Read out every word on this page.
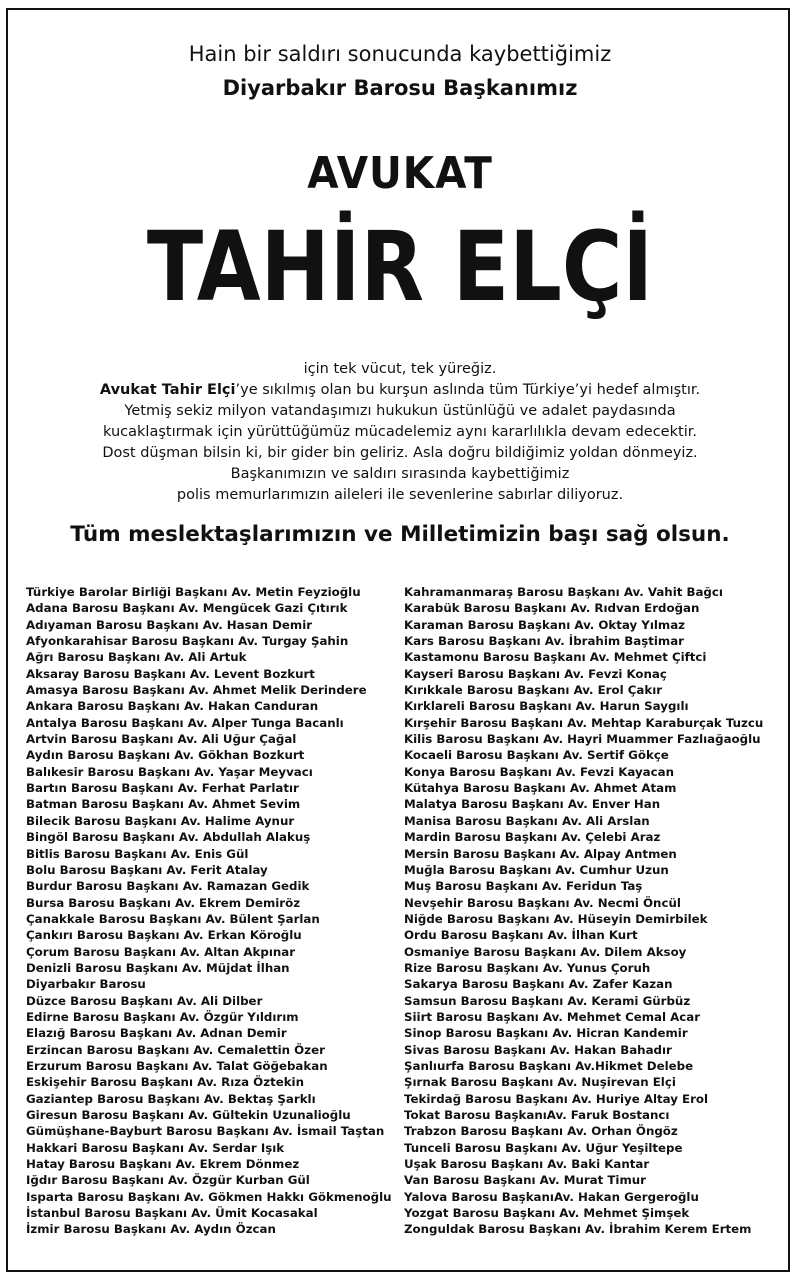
Hain bir saldırı sonucunda kaybettiğimiz
Diyarbakır Barosu Başkanımız
AVUKAT
TAHİR ELÇİ
için tek vücut, tek yüreğiz.
Avukat Tahir Elçi’ye sıkılmış olan bu kurşun aslında tüm Türkiye’yi hedef almıştır.
Yetmiş sekiz milyon vatandaşımızı hukukun üstünlüğü ve adalet paydasında
kucaklaştırmak için yürüttüğümüz mücadelemiz aynı kararlılıkla devam edecektir.
Dost düşman bilsin ki, bir gider bin geliriz. Asla doğru bildiğimiz yoldan dönmeyiz.
Başkanımızın ve saldırı sırasında kaybettiğimiz
polis memurlarımızın aileleri ile sevenlerine sabırlar diliyoruz.
Tüm meslektaşlarımızın ve Milletimizin başı sağ olsun.
Türkiye Barolar Birliği Başkanı Av. Metin Feyzioğlu
Adana Barosu Başkanı Av. Mengücek Gazi Çıtırık
Adıyaman Barosu Başkanı Av. Hasan Demir
Afyonkarahisar Barosu Başkanı Av. Turgay Şahin
Ağrı Barosu Başkanı Av. Ali Artuk
Aksaray Barosu Başkanı Av. Levent Bozkurt
Amasya Barosu Başkanı Av. Ahmet Melik Derindere
Ankara Barosu Başkanı Av. Hakan Canduran
Antalya Barosu Başkanı Av. Alper Tunga Bacanlı
Artvin Barosu Başkanı Av. Ali Uğur Çağal
Aydın Barosu Başkanı Av. Gökhan Bozkurt
Balıkesir Barosu Başkanı Av. Yaşar Meyvacı
Bartın Barosu Başkanı Av. Ferhat Parlatır
Batman Barosu Başkanı Av. Ahmet Sevim
Bilecik Barosu Başkanı Av. Halime Aynur
Bingöl Barosu Başkanı Av. Abdullah Alakuş
Bitlis Barosu Başkanı Av. Enis Gül
Bolu Barosu Başkanı Av. Ferit Atalay
Burdur Barosu Başkanı Av. Ramazan Gedik
Bursa Barosu Başkanı Av. Ekrem Demiröz
Çanakkale Barosu Başkanı Av. Bülent Şarlan
Çankırı Barosu Başkanı Av. Erkan Köroğlu
Çorum Barosu Başkanı Av. Altan Akpınar
Denizli Barosu Başkanı Av. Müjdat İlhan
Diyarbakır Barosu
Düzce Barosu Başkanı Av. Ali Dilber
Edirne Barosu Başkanı Av. Özgür Yıldırım
Elazığ Barosu Başkanı Av. Adnan Demir
Erzincan Barosu Başkanı Av. Cemalettin Özer
Erzurum Barosu Başkanı Av. Talat Göğebakan
Eskişehir Barosu Başkanı Av. Rıza Öztekin
Gaziantep Barosu Başkanı Av. Bektaş Şarklı
Giresun Barosu Başkanı Av. Gültekin Uzunalioğlu
Gümüşhane-Bayburt Barosu Başkanı Av. İsmail Taştan
Hakkari Barosu Başkanı Av. Serdar Işık
Hatay Barosu Başkanı Av. Ekrem Dönmez
Iğdır Barosu Başkanı Av. Özgür Kurban Gül
Isparta Barosu Başkanı Av. Gökmen Hakkı Gökmenoğlu
İstanbul Barosu Başkanı Av. Ümit Kocasakal
İzmir Barosu Başkanı Av. Aydın Özcan
Kahramanmaraş Barosu Başkanı Av. Vahit Bağcı
Karabük Barosu Başkanı Av. Rıdvan Erdoğan
Karaman Barosu Başkanı Av. Oktay Yılmaz
Kars Barosu Başkanı Av. İbrahim Baştimar
Kastamonu Barosu Başkanı Av. Mehmet Çiftci
Kayseri Barosu Başkanı Av. Fevzi Konaç
Kırıkkale Barosu Başkanı Av. Erol Çakır
Kırklareli Barosu Başkanı Av. Harun Saygılı
Kırşehir Barosu Başkanı Av. Mehtap Karaburçak Tuzcu
Kilis Barosu Başkanı Av. Hayri Muammer Fazlıağaoğlu
Kocaeli Barosu Başkanı Av. Sertif Gökçe
Konya Barosu Başkanı Av. Fevzi Kayacan
Kütahya Barosu Başkanı Av. Ahmet Atam
Malatya Barosu Başkanı Av. Enver Han
Manisa Barosu Başkanı Av. Ali Arslan
Mardin Barosu Başkanı Av. Çelebi Araz
Mersin Barosu Başkanı Av. Alpay Antmen
Muğla Barosu Başkanı Av. Cumhur Uzun
Muş Barosu Başkanı Av. Feridun Taş
Nevşehir Barosu Başkanı Av. Necmi Öncül
Niğde Barosu Başkanı Av. Hüseyin Demirbilek
Ordu Barosu Başkanı Av. İlhan Kurt
Osmaniye Barosu Başkanı Av. Dilem Aksoy
Rize Barosu Başkanı Av. Yunus Çoruh
Sakarya Barosu Başkanı Av. Zafer Kazan
Samsun Barosu Başkanı Av. Kerami Gürbüz
Siirt Barosu Başkanı Av. Mehmet Cemal Acar
Sinop Barosu Başkanı Av. Hicran Kandemir
Sivas Barosu Başkanı Av. Hakan Bahadır
Şanlıurfa Barosu Başkanı Av.Hikmet Delebe
Şırnak Barosu Başkanı Av. Nuşirevan Elçi
Tekirdağ Barosu Başkanı Av. Huriye Altay Erol
Tokat Barosu BaşkanıAv. Faruk Bostancı
Trabzon Barosu Başkanı Av. Orhan Öngöz
Tunceli Barosu Başkanı Av. Uğur Yeşiltepe
Uşak Barosu Başkanı Av. Baki Kantar
Van Barosu Başkanı Av. Murat Timur
Yalova Barosu BaşkanıAv. Hakan Gergeroğlu
Yozgat Barosu Başkanı Av. Mehmet Şimşek
Zonguldak Barosu Başkanı Av. İbrahim Kerem Ertem
